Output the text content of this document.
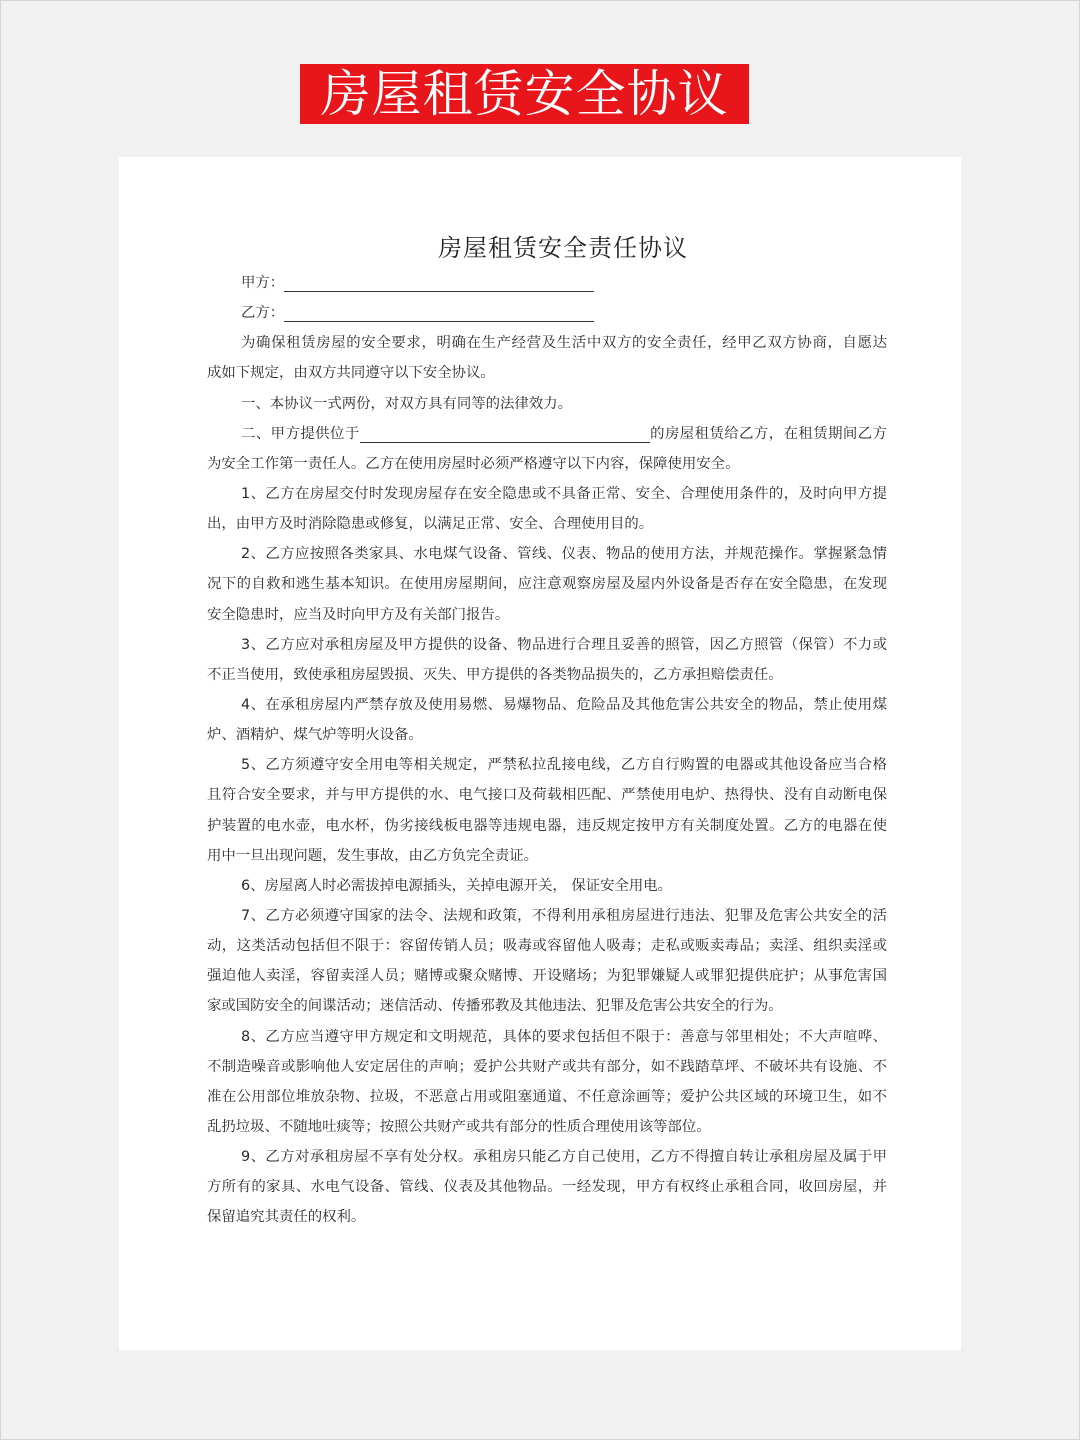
房屋租赁安全协议
房屋租赁安全责任协议
甲方：
乙方：
为确保租赁房屋的安全要求，明确在生产经营及生活中双方的安全责任，经甲乙双方协商，自愿达
成如下规定，由双方共同遵守以下安全协议。
一、本协议一式两份，对双方具有同等的法律效力。
二、甲方提供位于	的房屋租赁给乙方，在租赁期间乙方
为安全工作第一责任人。乙方在使用房屋时必须严格遵守以下内容，保障使用安全。
1、乙方在房屋交付时发现房屋存在安全隐患或不具备正常、安全、合理使用条件的，及时向甲方提
出，由甲方及时消除隐患或修复，以满足正常、安全、合理使用目的。
2、乙方应按照各类家具、水电煤气设备、管线、仪表、物品的使用方法，并规范操作。掌握紧急情
况下的自救和逃生基本知识。在使用房屋期间，应注意观察房屋及屋内外设备是否存在安全隐患，在发现
安全隐患时，应当及时向甲方及有关部门报告。
3、乙方应对承租房屋及甲方提供的设备、物品进行合理且妥善的照管，因乙方照管（保管）不力或
不正当使用，致使承租房屋毁损、灭失、甲方提供的各类物品损失的，乙方承担赔偿责任。
4、在承租房屋内严禁存放及使用易燃、易爆物品、危险品及其他危害公共安全的物品，禁止使用煤
炉、酒精炉、煤气炉等明火设备。
5、乙方须遵守安全用电等相关规定，严禁私拉乱接电线，乙方自行购置的电器或其他设备应当合格
且符合安全要求，并与甲方提供的水、电气接口及荷载相匹配、严禁使用电炉、热得快、没有自动断电保
护装置的电水壶，电水杯，伪劣接线板电器等违规电器，违反规定按甲方有关制度处置。乙方的电器在使
用中一旦出现问题，发生事故，由乙方负完全责证。
6、房屋离人时必需拔掉电源插头，关掉电源开关， 保证安全用电。
7、乙方必须遵守国家的法令、法规和政策，不得利用承租房屋进行违法、犯罪及危害公共安全的活
动，这类活动包括但不限于：容留传销人员；吸毒或容留他人吸毒；走私或贩卖毒品；卖淫、组织卖淫或
强迫他人卖淫，容留卖淫人员；赌博或聚众赌博、开设赌场；为犯罪嫌疑人或罪犯提供庇护；从事危害国
家或国防安全的间谍活动；迷信活动、传播邪教及其他违法、犯罪及危害公共安全的行为。
8、乙方应当遵守甲方规定和文明规范，具体的要求包括但不限于：善意与邻里相处；不大声喧哗、
不制造噪音或影响他人安定居住的声响；爱护公共财产或共有部分，如不践踏草坪、不破坏共有设施、不
准在公用部位堆放杂物、拉圾，不恶意占用或阻塞通道、不任意涂画等；爱护公共区域的环境卫生，如不
乱扔垃圾、不随地吐痰等；按照公共财产或共有部分的性质合理使用该等部位。
9、乙方对承租房屋不享有处分权。承租房只能乙方自己使用，乙方不得擅自转让承租房屋及属于甲
方所有的家具、水电气设备、管线、仪表及其他物品。一经发现，甲方有权终止承租合同，收回房屋，并
保留追究其责任的权利。
